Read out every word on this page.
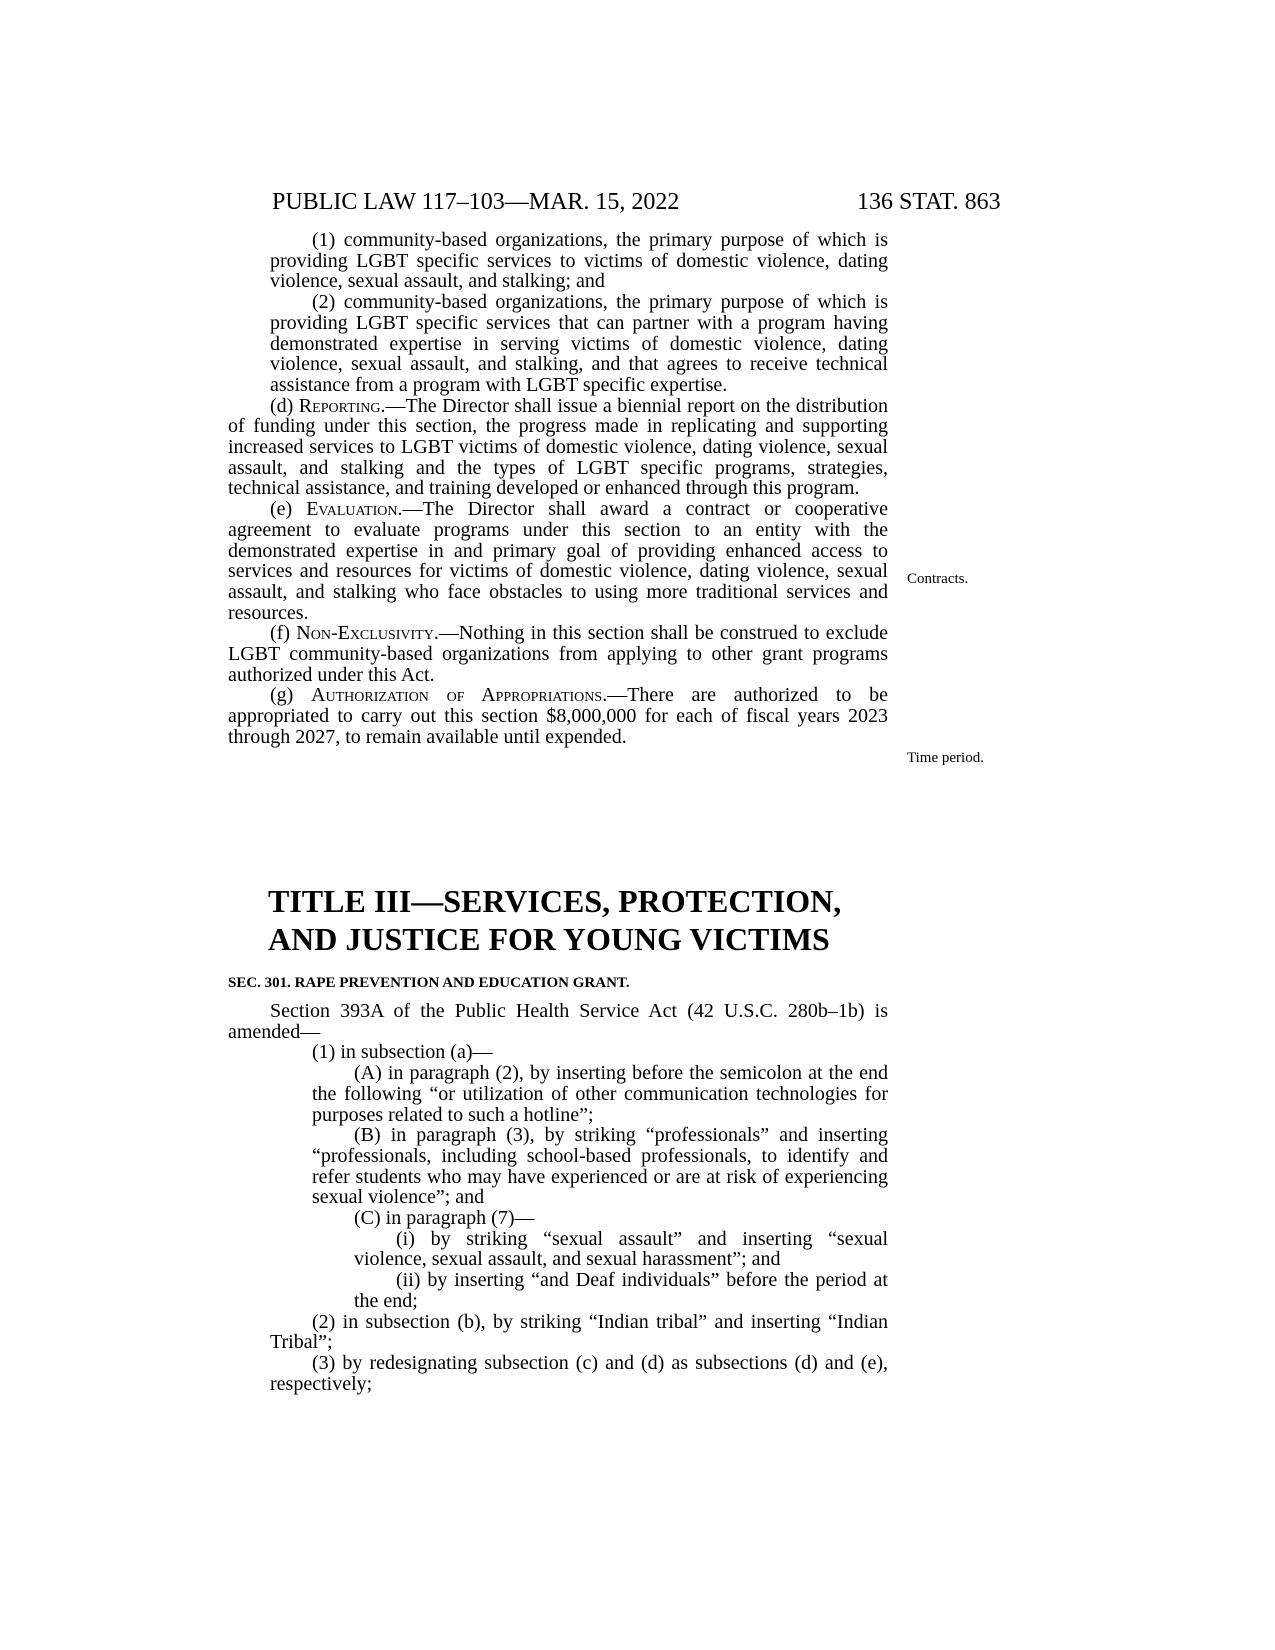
PUBLIC LAW 117–103—MAR. 15, 2022	136 STAT. 863

(1) community-based organizations, the primary purpose of which is providing LGBT specific services to victims of domestic violence, dating violence, sexual assault, and stalking; and

(2) community-based organizations, the primary purpose of which is providing LGBT specific services that can partner with a program having demonstrated expertise in serving victims of domestic violence, dating violence, sexual assault, and stalking, and that agrees to receive technical assistance from a program with LGBT specific expertise.

(d) Reporting.—The Director shall issue a biennial report on the distribution of funding under this section, the progress made in replicating and supporting increased services to LGBT victims of domestic violence, dating violence, sexual assault, and stalking and the types of LGBT specific programs, strategies, technical assistance, and training developed or enhanced through this program.

(e) Evaluation.—The Director shall award a contract or cooperative agreement to evaluate programs under this section to an entity with the demonstrated expertise in and primary goal of providing enhanced access to services and resources for victims of domestic violence, dating violence, sexual assault, and stalking who face obstacles to using more traditional services and resources.

(f) Non-Exclusivity.—Nothing in this section shall be construed to exclude LGBT community-based organizations from applying to other grant programs authorized under this Act.

(g) Authorization of Appropriations.—There are authorized to be appropriated to carry out this section $8,000,000 for each of fiscal years 2023 through 2027, to remain available until expended.

Contracts.
Time period.
TITLE III—SERVICES, PROTECTION,
AND JUSTICE FOR YOUNG VICTIMS
SEC. 301. RAPE PREVENTION AND EDUCATION GRANT.

Section 393A of the Public Health Service Act (42 U.S.C. 280b–1b) is amended—

(1) in subsection (a)—

(A) in paragraph (2), by inserting before the semicolon at the end the following “or utilization of other communication technologies for purposes related to such a hotline”;

(B) in paragraph (3), by striking “professionals” and inserting “professionals, including school-based professionals, to identify and refer students who may have experienced or are at risk of experiencing sexual violence”; and

(C) in paragraph (7)—

(i) by striking “sexual assault” and inserting “sexual violence, sexual assault, and sexual harassment”; and

(ii) by inserting “and Deaf individuals” before the period at the end;

(2) in subsection (b), by striking “Indian tribal” and inserting “Indian Tribal”;

(3) by redesignating subsection (c) and (d) as subsections (d) and (e), respectively;
